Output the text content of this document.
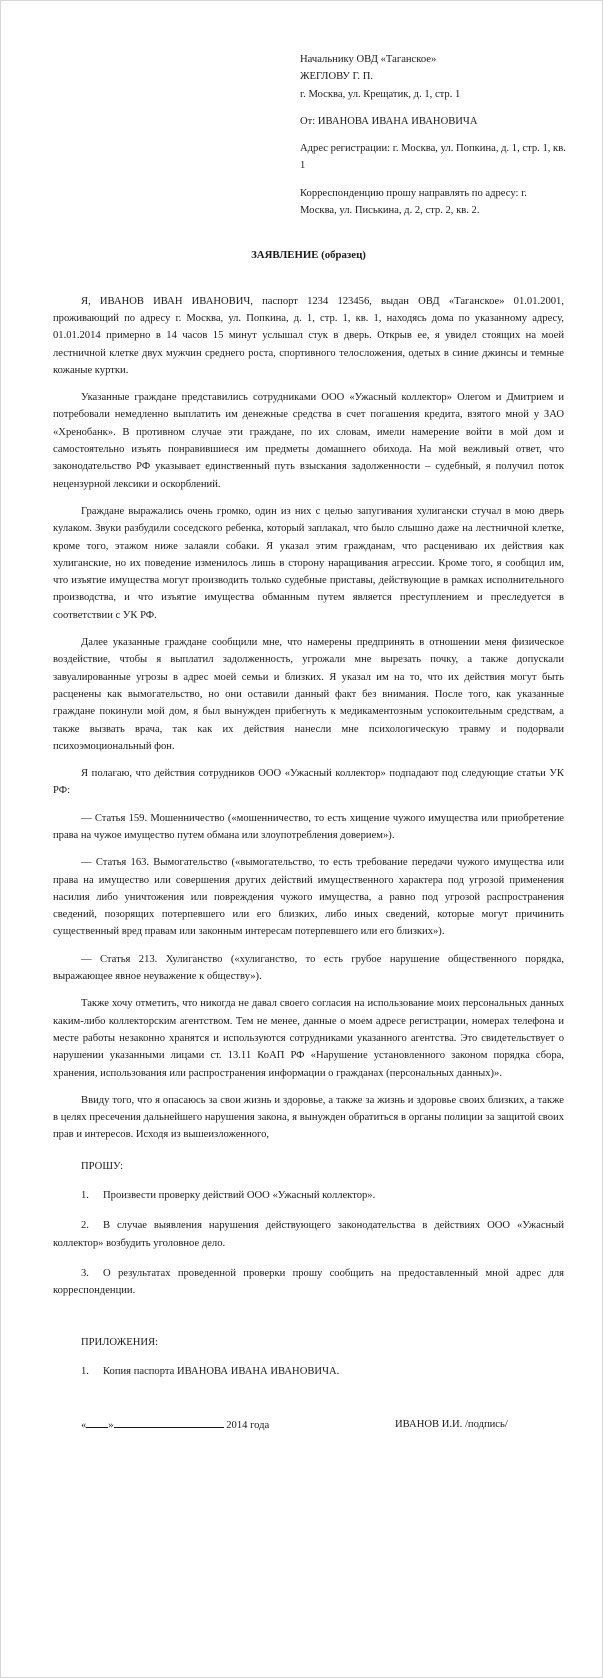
Начальнику ОВД «Таганское»

ЖЕГЛОВУ Г. П.

г. Москва, ул. Крещатик, д. 1, стр. 1

От: ИВАНОВА ИВАНА ИВАНОВИЧА

Адрес регистрации: г. Москва, ул. Попкина, д. 1, стр. 1, кв. 1

Корреспонденцию прошу направлять по адресу: г. Москва, ул. Писькина, д. 2, стр. 2, кв. 2.

ЗАЯВЛЕНИЕ (образец)

Я, ИВАНОВ ИВАН ИВАНОВИЧ, паспорт 1234 123456, выдан ОВД «Таганское» 01.01.2001, проживающий по адресу г. Москва, ул. Попкина, д. 1, стр. 1, кв. 1, находясь дома по указанному адресу, 01.01.2014 примерно в 14 часов 15 минут услышал стук в дверь. Открыв ее, я увидел стоящих на моей лестничной клетке двух мужчин среднего роста, спортивного телосложения, одетых в синие джинсы и темные кожаные куртки.

Указанные граждане представились сотрудниками ООО «Ужасный коллектор» Олегом и Дмитрием и потребовали немедленно выплатить им денежные средства в счет погашения кредита, взятого мной у ЗАО «Хренобанк». В противном случае эти граждане, по их словам, имели намерение войти в мой дом и самостоятельно изъять понравившиеся им предметы домашнего обихода. На мой вежливый ответ, что законодательство РФ указывает единственный путь взыскания задолженности – судебный, я получил поток нецензурной лексики и оскорблений.

Граждане выражались очень громко, один из них с целью запугивания хулигански стучал в мою дверь кулаком. Звуки разбудили соседского ребенка, который заплакал, что было слышно даже на лестничной клетке, кроме того, этажом ниже залаяли собаки. Я указал этим гражданам, что расцениваю их действия как хулиганские, но их поведение изменилось лишь в сторону наращивания агрессии. Кроме того, я сообщил им, что изъятие имущества могут производить только судебные приставы, действующие в рамках исполнительного производства, и что изъятие имущества обманным путем является преступлением и преследуется в соответствии с УК РФ.

Далее указанные граждане сообщили мне, что намерены предпринять в отношении меня физическое воздействие, чтобы я выплатил задолженность, угрожали мне вырезать почку, а также допускали завуалированные угрозы в адрес моей семьи и близких. Я указал им на то, что их действия могут быть расценены как вымогательство, но они оставили данный факт без внимания. После того, как указанные граждане покинули мой дом, я был вынужден прибегнуть к медикаментозным успокоительным средствам, а также вызвать врача, так как их действия нанесли мне психологическую травму и подорвали психоэмоциональный фон.

Я полагаю, что действия сотрудников ООО «Ужасный коллектор» подпадают под следующие статьи УК РФ:

— Статья 159. Мошенничество («мошенничество, то есть хищение чужого имущества или приобретение права на чужое имущество путем обмана или злоупотребления доверием»).

— Статья 163. Вымогательство («вымогательство, то есть требование передачи чужого имущества или права на имущество или совершения других действий имущественного характера под угрозой применения насилия либо уничтожения или повреждения чужого имущества, а равно под угрозой распространения сведений, позорящих потерпевшего или его близких, либо иных сведений, которые могут причинить существенный вред правам или законным интересам потерпевшего или его близких»).

— Статья 213. Хулиганство («хулиганство, то есть грубое нарушение общественного порядка, выражающее явное неуважение к обществу»).

Также хочу отметить, что никогда не давал своего согласия на использование моих персональных данных каким-либо коллекторским агентством. Тем не менее, данные о моем адресе регистрации, номерах телефона и месте работы незаконно хранятся и используются сотрудниками указанного агентства. Это свидетельствует о нарушении указанными лицами ст. 13.11 КоАП РФ «Нарушение установленного законом порядка сбора, хранения, использования или распространения информации о гражданах (персональных данных)».

Ввиду того, что я опасаюсь за свои жизнь и здоровье, а также за жизнь и здоровье своих близких, а также в целях пресечения дальнейшего нарушения закона, я вынужден обратиться в органы полиции за защитой своих прав и интересов. Исходя из вышеизложенного,

ПРОШУ:

1. Произвести проверку действий ООО «Ужасный коллектор».
2. В случае выявления нарушения действующего законодательства в действиях ООО «Ужасный коллектор» возбудить уголовное дело.
3. О результатах проведенной проверки прошу сообщить на предоставленный мной адрес для корреспонденции.

ПРИЛОЖЕНИЯ:

1. Копия паспорта ИВАНОВА ИВАНА ИВАНОВИЧА.
« »	2014 года	ИВАНОВ И.И. /подпись/
